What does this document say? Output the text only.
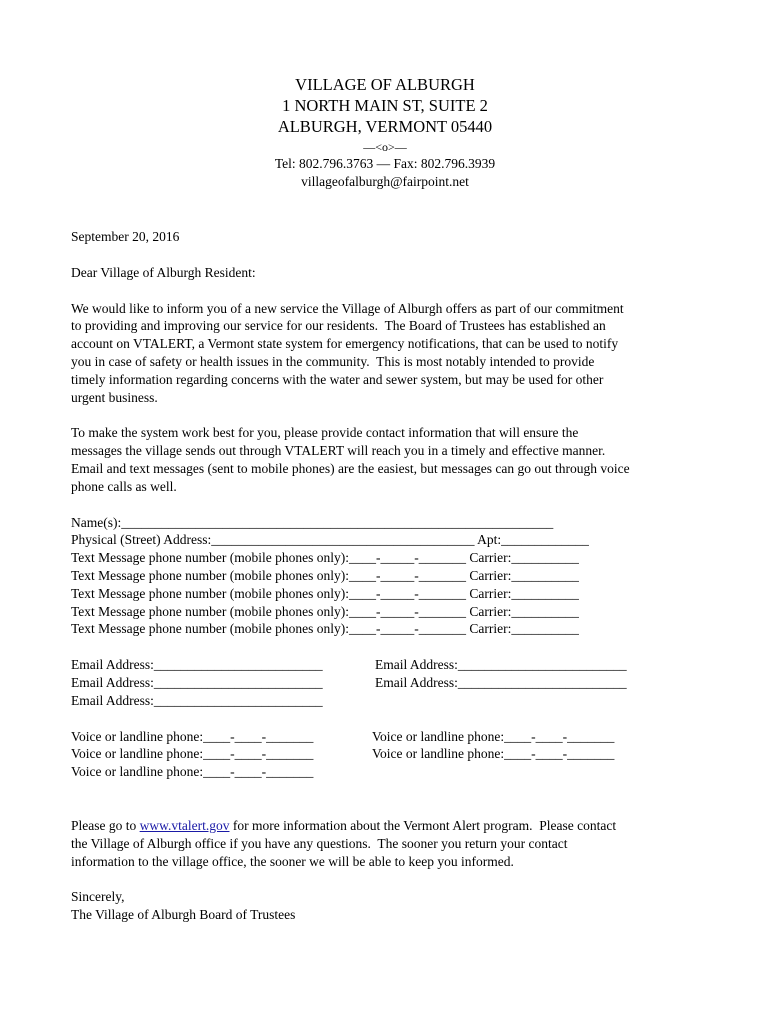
VILLAGE OF ALBURGH
1 NORTH MAIN ST, SUITE 2
ALBURGH, VERMONT 05440
—<o>—
Tel: 802.796.3763 — Fax: 802.796.3939
villageofalburgh@fairpoint.net
September 20, 2016
Dear Village of Alburgh Resident:
We would like to inform you of a new service the Village of Alburgh offers as part of our commitment
to providing and improving our service for our residents.  The Board of Trustees has established an
account on VTALERT, a Vermont state system for emergency notifications, that can be used to notify
you in case of safety or health issues in the community.  This is most notably intended to provide
timely information regarding concerns with the water and sewer system, but may be used for other
urgent business.
To make the system work best for you, please provide contact information that will ensure the
messages the village sends out through VTALERT will reach you in a timely and effective manner.
Email and text messages (sent to mobile phones) are the easiest, but messages can go out through voice
phone calls as well.
Name(s):________________________________________________________________
Physical (Street) Address:_______________________________________ Apt:_____________
Text Message phone number (mobile phones only):____-_____-_______ Carrier:__________
Text Message phone number (mobile phones only):____-_____-_______ Carrier:__________
Text Message phone number (mobile phones only):____-_____-_______ Carrier:__________
Text Message phone number (mobile phones only):____-_____-_______ Carrier:__________
Text Message phone number (mobile phones only):____-_____-_______ Carrier:__________
Email Address:_________________________	Email Address:_________________________
Email Address:_________________________	Email Address:_________________________
Email Address:_________________________
Voice or landline phone:____-____-_______	Voice or landline phone:____-____-_______
Voice or landline phone:____-____-_______	Voice or landline phone:____-____-_______
Voice or landline phone:____-____-_______
Please go to www.vtalert.gov for more information about the Vermont Alert program.  Please contact
the Village of Alburgh office if you have any questions.  The sooner you return your contact
information to the village office, the sooner we will be able to keep you informed.
Sincerely,
The Village of Alburgh Board of Trustees
